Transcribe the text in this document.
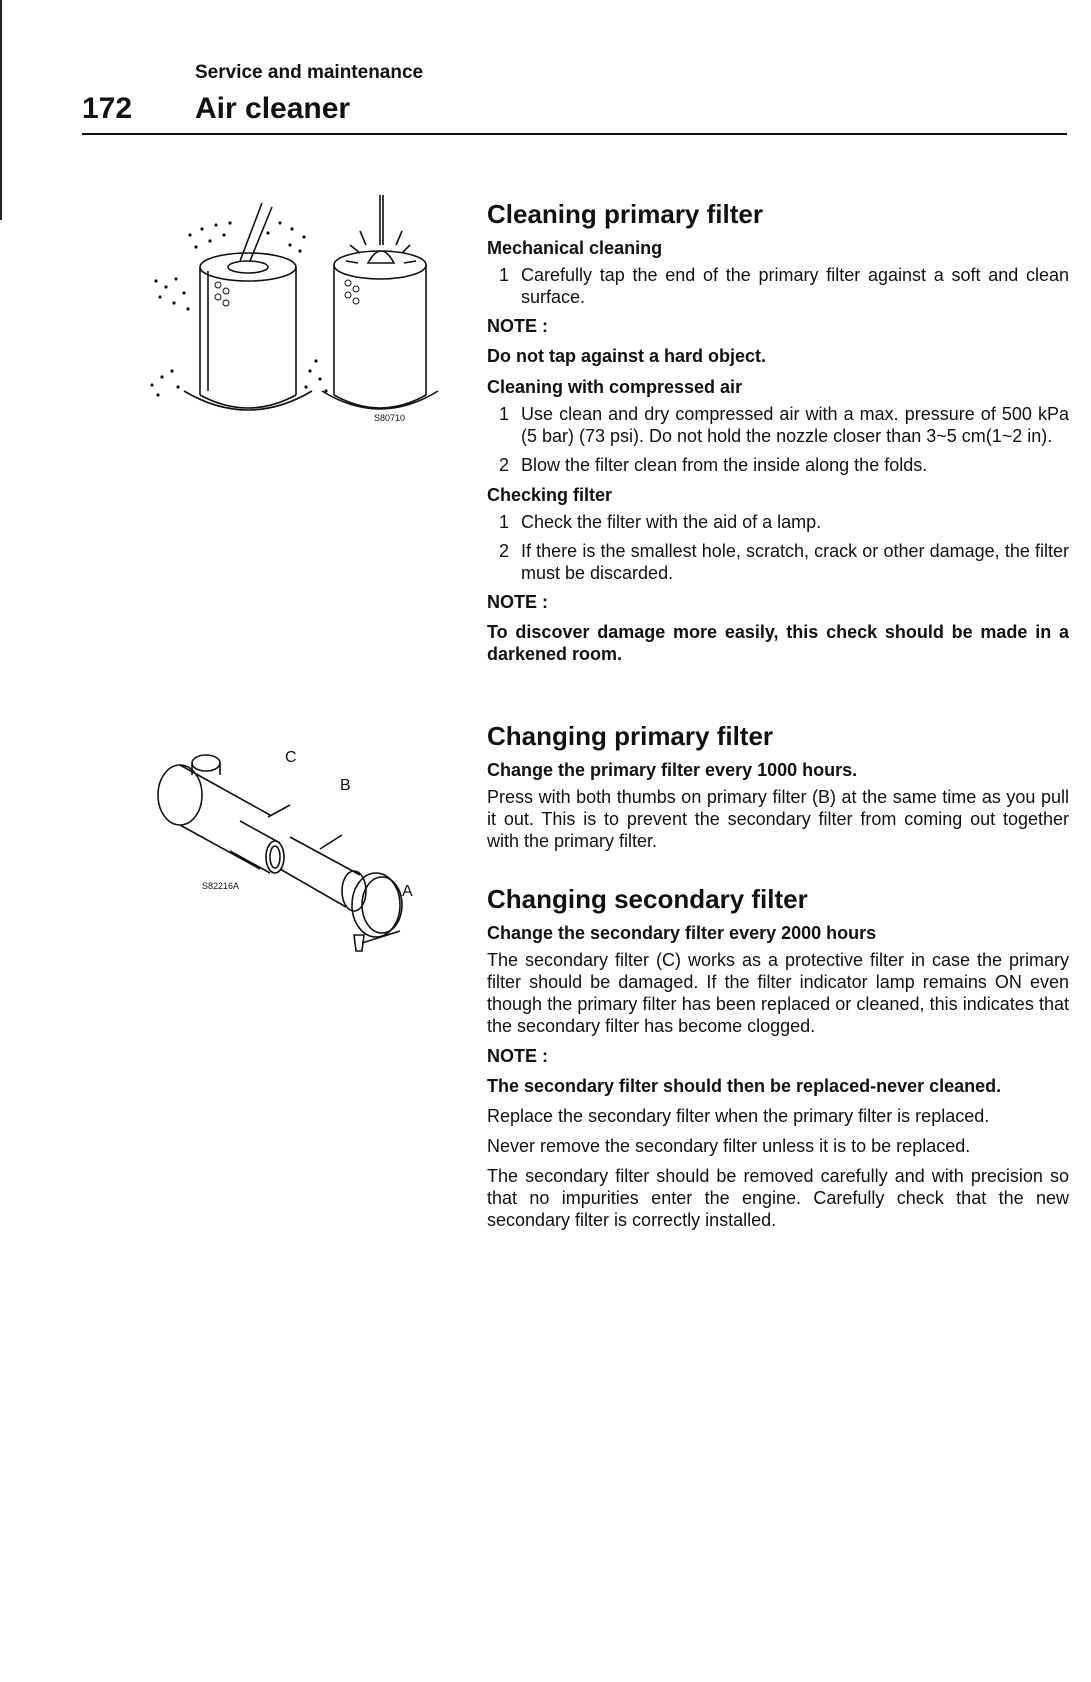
Service and maintenance
172 Air cleaner
S80710
C
B
A
S82216A
Cleaning primary filter
Mechanical cleaning
1 Carefully tap the end of the primary filter against a soft and clean surface.

NOTE :

Do not tap against a hard object.

Cleaning with compressed air
1 Use clean and dry compressed air with a max. pressure of 500 kPa (5 bar) (73 psi). Do not hold the nozzle closer than 3~5 cm(1~2 in).
2 Blow the filter clean from the inside along the folds.
Checking filter
1 Check the filter with the aid of a lamp.
2 If there is the smallest hole, scratch, crack or other damage, the filter must be discarded.

NOTE :

To discover damage more easily, this check should be made in a darkened room.

Changing primary filter
Change the primary filter every 1000 hours.

Press with both thumbs on primary filter (B) at the same time as you pull it out. This is to prevent the secondary filter from coming out together with the primary filter.

Changing secondary filter
Change the secondary filter every 2000 hours

The secondary filter (C) works as a protective filter in case the primary filter should be damaged. If the filter indicator lamp remains ON even though the primary filter has been replaced or cleaned, this indicates that the secondary filter has become clogged.

NOTE :

The secondary filter should then be replaced-never cleaned.

Replace the secondary filter when the primary filter is replaced.

Never remove the secondary filter unless it is to be replaced.

The secondary filter should be removed carefully and with precision so that no impurities enter the engine. Carefully check that the new secondary filter is correctly installed.
